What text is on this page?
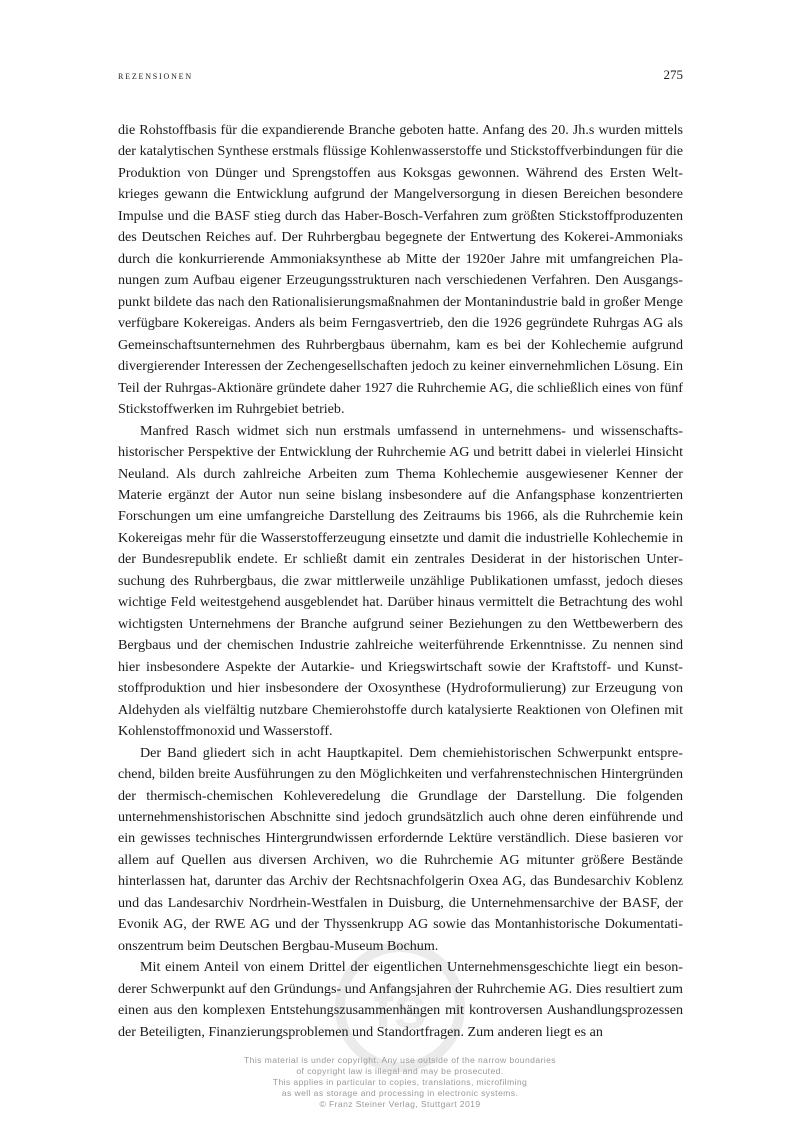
rezensionen	275
fs

die Rohstoffbasis für die expandierende Branche geboten hatte. Anfang des 20. Jh.s wurden mittels der katalytischen Synthese erstmals flüssige Kohlenwasserstoffe und Stickstoffverbindungen für die Produktion von Dünger und Sprengstoffen aus Koksgas gewonnen. Während des Ersten Weltkrieges gewann die Entwicklung aufgrund der Mangelversorgung in diesen Bereichen besondere Impulse und die BASF stieg durch das Haber-Bosch-Verfahren zum größten Stickstoffproduzenten des Deutschen Reiches auf. Der Ruhrbergbau begegnete der Entwertung des Kokerei-Ammoniaks durch die konkurrierende Ammoniaksynthese ab Mitte der 1920er Jahre mit umfangreichen Planungen zum Aufbau eigener Erzeugungsstrukturen nach verschiedenen Verfahren. Den Ausgangspunkt bildete das nach den Rationalisierungsmaßnahmen der Montanindustrie bald in großer Menge verfügbare Kokereigas. Anders als beim Ferngasvertrieb, den die 1926 gegründete Ruhrgas AG als Gemeinschaftsunternehmen des Ruhrbergbaus übernahm, kam es bei der Kohlechemie aufgrund divergierender Interessen der Zechengesellschaften jedoch zu keiner einvernehmlichen Lösung. Ein Teil der Ruhrgas-Aktionäre gründete daher 1927 die Ruhrchemie AG, die schließlich eines von fünf Stickstoffwerken im Ruhrgebiet betrieb.

Manfred Rasch widmet sich nun erstmals umfassend in unternehmens- und wissenschaftshistorischer Perspektive der Entwicklung der Ruhrchemie AG und betritt dabei in vielerlei Hinsicht Neuland. Als durch zahlreiche Arbeiten zum Thema Kohlechemie ausgewiesener Kenner der Materie ergänzt der Autor nun seine bislang insbesondere auf die Anfangsphase konzentrierten Forschungen um eine umfangreiche Darstellung des Zeitraums bis 1966, als die Ruhrchemie kein Kokereigas mehr für die Wasserstofferzeugung einsetzte und damit die industrielle Kohlechemie in der Bundesrepublik endete. Er schließt damit ein zentrales Desiderat in der historischen Untersuchung des Ruhrbergbaus, die zwar mittlerweile unzählige Publikationen umfasst, jedoch dieses wichtige Feld weitestgehend ausgeblendet hat. Darüber hinaus vermittelt die Betrachtung des wohl wichtigsten Unternehmens der Branche aufgrund seiner Beziehungen zu den Wettbewerbern des Bergbaus und der chemischen Industrie zahlreiche weiterführende Erkenntnisse. Zu nennen sind hier insbesondere Aspekte der Autarkie- und Kriegswirtschaft sowie der Kraftstoff- und Kunststoffproduktion und hier insbesondere der Oxosynthese (Hydroformulierung) zur Erzeugung von Aldehyden als vielfältig nutzbare Chemierohstoffe durch katalysierte Reaktionen von Olefinen mit Kohlenstoffmonoxid und Wasserstoff.

Der Band gliedert sich in acht Hauptkapitel. Dem chemiehistorischen Schwerpunkt entsprechend, bilden breite Ausführungen zu den Möglichkeiten und verfahrenstechnischen Hintergründen der thermisch-chemischen Kohleveredelung die Grundlage der Darstellung. Die folgenden unternehmenshistorischen Abschnitte sind jedoch grundsätzlich auch ohne deren einführende und ein gewisses technisches Hintergrundwissen erfordernde Lektüre verständlich. Diese basieren vor allem auf Quellen aus diversen Archiven, wo die Ruhrchemie AG mitunter größere Bestände hinterlassen hat, darunter das Archiv der Rechtsnachfolgerin Oxea AG, das Bundesarchiv Koblenz und das Landesarchiv Nordrhein-Westfalen in Duisburg, die Unternehmensarchive der BASF, der Evonik AG, der RWE AG und der Thyssenkrupp AG sowie das Montanhistorische Dokumentationszentrum beim Deutschen Bergbau-Museum Bochum.

Mit einem Anteil von einem Drittel der eigentlichen Unternehmensgeschichte liegt ein besonderer Schwerpunkt auf den Gründungs- und Anfangsjahren der Ruhrchemie AG. Dies resultiert zum einen aus den komplexen Entstehungszusammenhängen mit kontroversen Aushandlungsprozessen der Beteiligten, Finanzierungsproblemen und Standortfragen. Zum anderen liegt es an

This material is under copyright. Any use outside of the narrow boundaries
of copyright law is illegal and may be prosecuted.
This applies in particular to copies, translations, microfilming
as well as storage and processing in electronic systems.
© Franz Steiner Verlag, Stuttgart 2019
